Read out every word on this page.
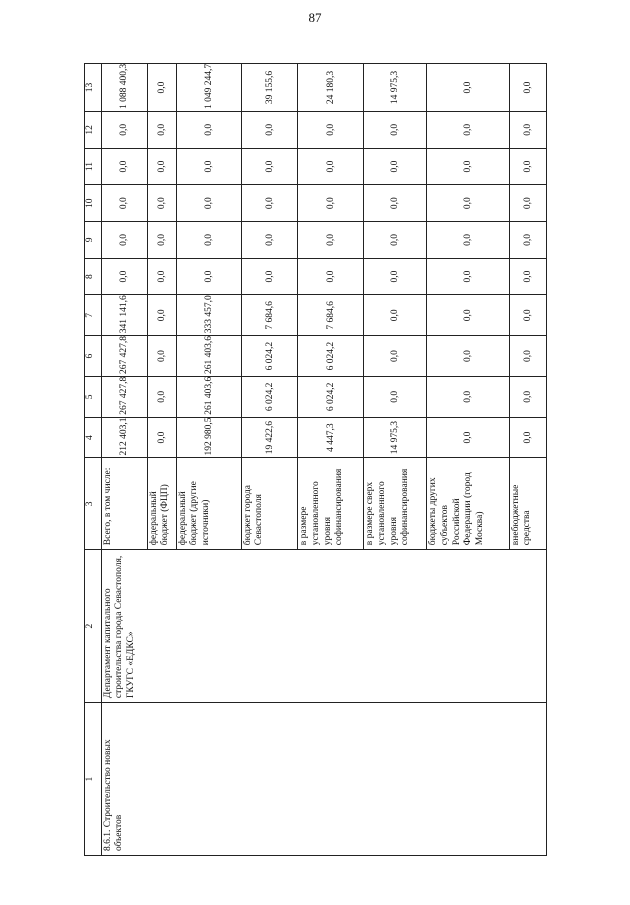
87
1	2	3	4	5	6	7	8	9	10	11	12	13
8.6.1. Строительство новых объектов	Департамент капитального строительства города Севастополя, ГКУГС «ЕДКС»	Всего, в том числе:	212 403,1	267 427,8	267 427,8	341 141,6	0,0	0,0	0,0	0,0	0,0	1 088 400,3
		федеральный бюджет (ФЦП)	0,0	0,0	0,0	0,0	0,0	0,0	0,0	0,0	0,0	0,0
		федеральный бюджет (другие источники)	192 980,5	261 403,6	261 403,6	333 457,0	0,0	0,0	0,0	0,0	0,0	1 049 244,7
		бюджет города Севастополя	19 422,6	6 024,2	6 024,2	7 684,6	0,0	0,0	0,0	0,0	0,0	39 155,6
		в размере установленного уровня софинансирования	4 447,3	6 024,2	6 024,2	7 684,6	0,0	0,0	0,0	0,0	0,0	24 180,3
		в размере сверх установленного уровня софинансирования	14 975,3	0,0	0,0	0,0	0,0	0,0	0,0	0,0	0,0	14 975,3
		бюджеты других субъектов Российской Федерации (город Москва)	0,0	0,0	0,0	0,0	0,0	0,0	0,0	0,0	0,0	0,0
		внебюджетные средства	0,0	0,0	0,0	0,0	0,0	0,0	0,0	0,0	0,0	0,0
